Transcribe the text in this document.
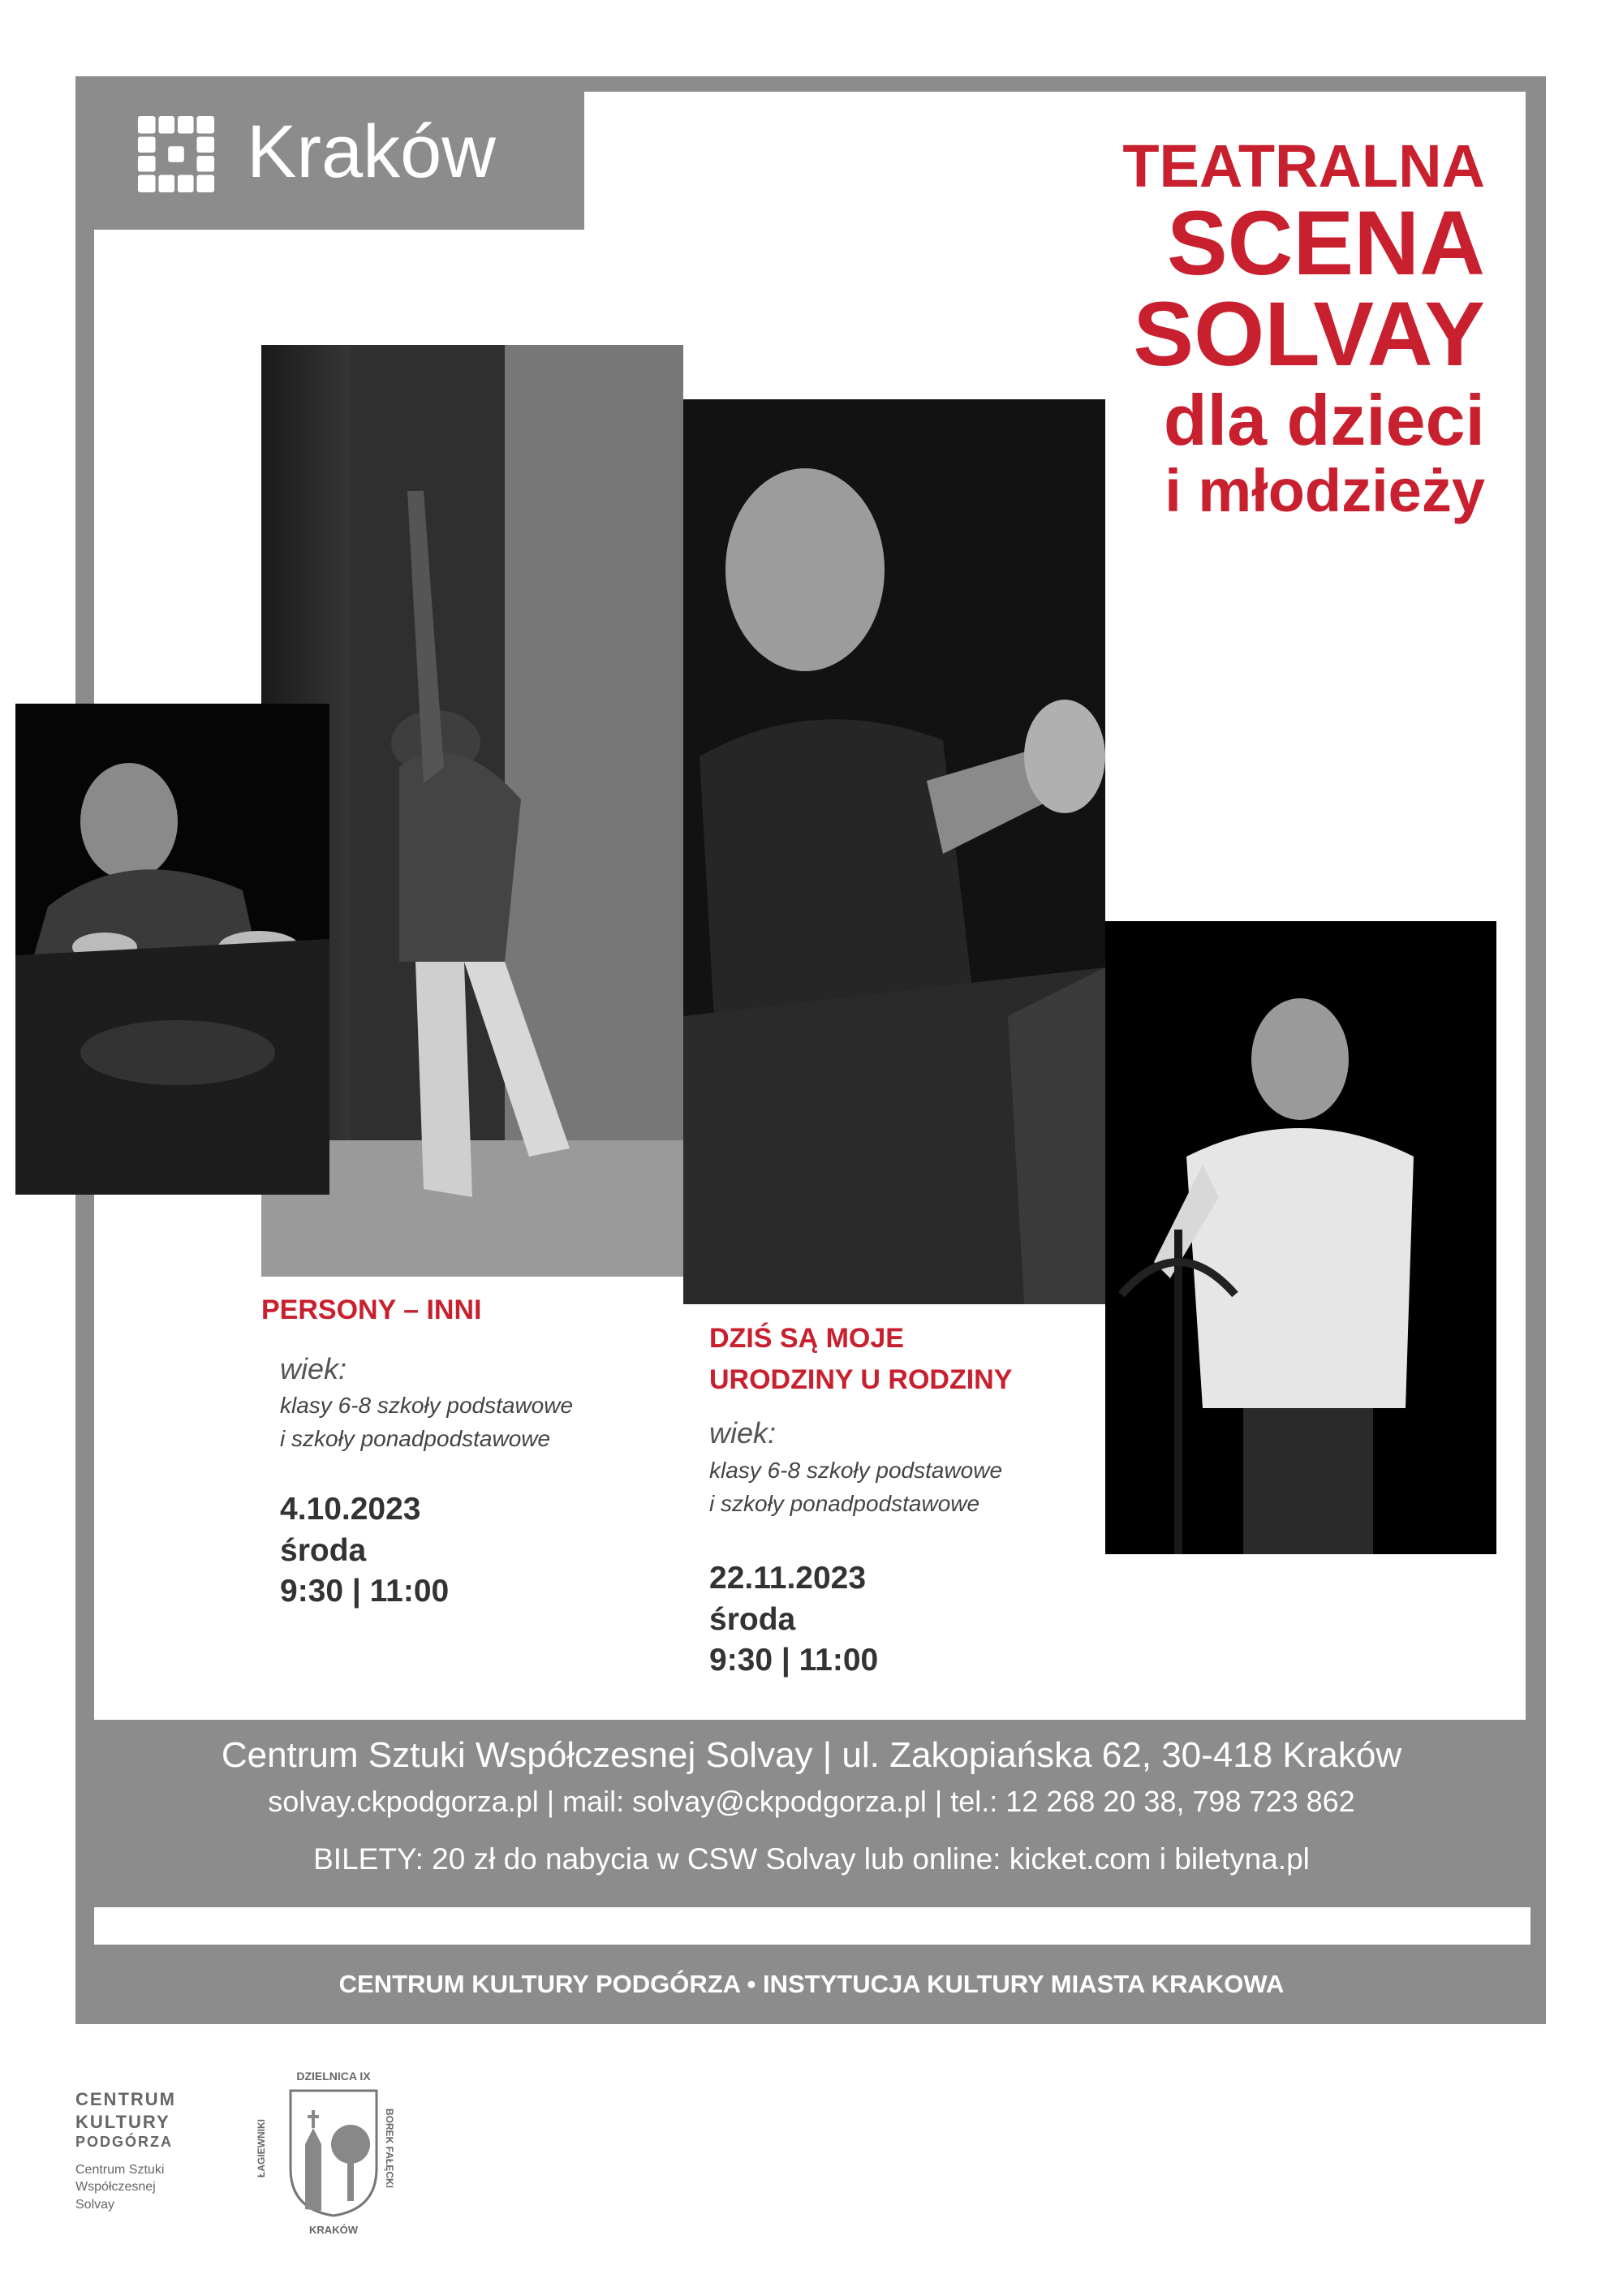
Kraków	TEATRALNA
SCENA
SOLVAY
dla dzieci
i młodzieży
PERSONY – INNI
wiek:
klasy 6-8 szkoły podstawowe
i szkoły ponadpodstawowe
4.10.2023
środa
9:30 | 11:00
DZIŚ SĄ MOJE
URODZINY U RODZINY
wiek:
klasy 6-8 szkoły podstawowe
i szkoły ponadpodstawowe
22.11.2023
środa
9:30 | 11:00
Centrum Sztuki Współczesnej Solvay | ul. Zakopiańska 62, 30-418 Kraków
solvay.ckpodgorza.pl | mail: solvay@ckpodgorza.pl | tel.: 12 268 20 38, 798 723 862
BILETY: 20 zł do nabycia w CSW Solvay lub online: kicket.com i biletyna.pl
CENTRUM KULTURY PODGÓRZA • INSTYTUCJA KULTURY MIASTA KRAKOWA
CENTRUM
KULTURY
PODGÓRZA
Centrum Sztuki
Współczesnej
Solvay
DZIELNICA IX
ŁAGIEWNIKI	BOREK FAŁĘCKI
KRAKÓW
